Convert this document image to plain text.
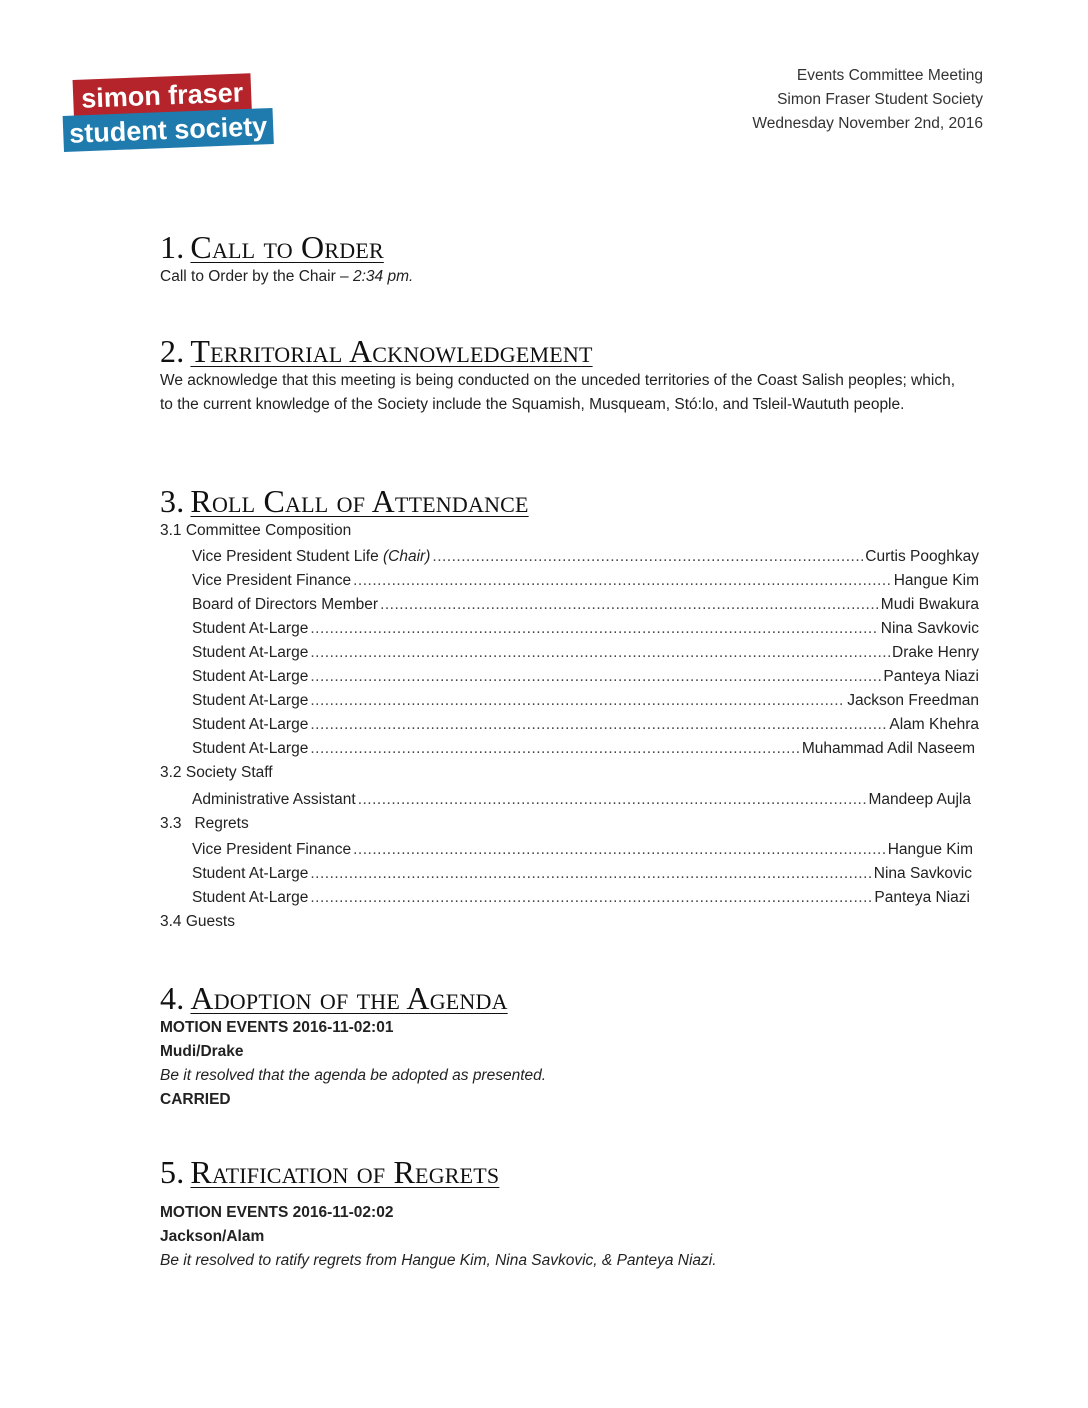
simon fraser
student society
Events Committee Meeting
Simon Fraser Student Society
Wednesday November 2nd, 2016
1. Call to Order

Call to Order by the Chair – 2:34 pm.

2. Territorial Acknowledgement

We acknowledge that this meeting is being conducted on the unceded territories of the Coast Salish peoples; which, to the current knowledge of the Society include the Squamish, Musqueam, Stó:lo, and Tsleil-Waututh people.

3. Roll Call of Attendance
3.1 Committee Composition
Vice President Student Life (Chair) .....	Curtis Pooghkay
Vice President Finance .....	Hangue Kim
Board of Directors Member .....	Mudi Bwakura
Student At-Large .....	Nina Savkovic
Student At-Large .....	Drake Henry
Student At-Large .....	Panteya Niazi
Student At-Large .....	Jackson Freedman
Student At-Large .....	Alam Khehra
Student At-Large .....	Muhammad Adil Naseem
3.2 Society Staff
Administrative Assistant .....	Mandeep Aujla
3.3   Regrets
Vice President Finance .....	Hangue Kim
Student At-Large .....	Nina Savkovic
Student At-Large .....	Panteya Niazi
3.4 Guests
4. Adoption of the Agenda

MOTION EVENTS 2016-11-02:01

Mudi/Drake

Be it resolved that the agenda be adopted as presented.

CARRIED

5. Ratification of Regrets

MOTION EVENTS 2016-11-02:02

Jackson/Alam

Be it resolved to ratify regrets from Hangue Kim, Nina Savkovic, & Panteya Niazi.
